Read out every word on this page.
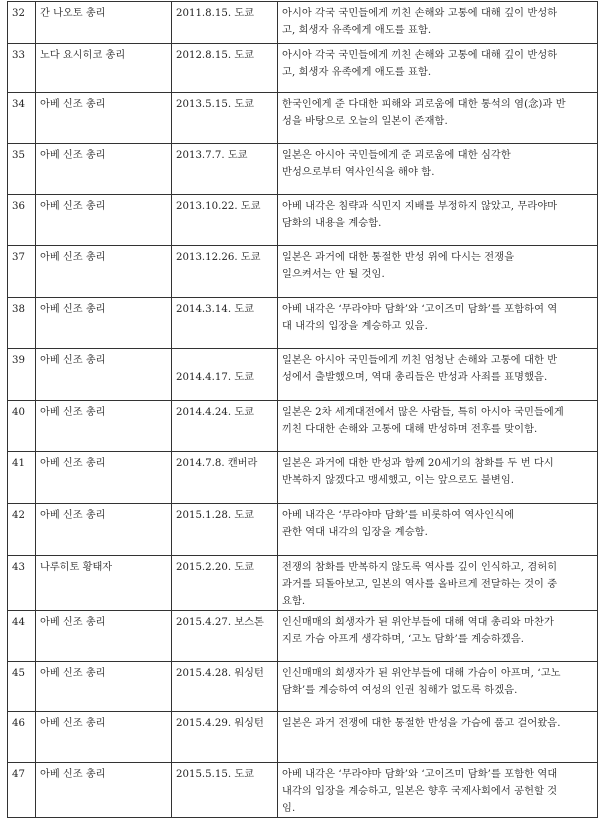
32	간 나오토 총리	2011.8.15. 도쿄	아시아 각국 국민들에게 끼친 손해와 고통에 대해 깊이 반성하
고, 희생자 유족에게 애도를 표함.

33	노다 요시히코 총리	2012.8.15. 도쿄	아시아 각국 국민들에게 끼친 손해와 고통에 대해 깊이 반성하
고, 희생자 유족에게 애도를 표함.

34	아베 신조 총리	2013.5.15. 도쿄	한국인에게 준 다대한 피해와 괴로움에 대한 통석의 염(念)과 반
성을 바탕으로 오늘의 일본이 존재함.

35	아베 신조 총리	2013.7.7. 도쿄	일본은 아시아 국민들에게 준 괴로움에 대한 심각한
반성으로부터 역사인식을 해야 함.

36	아베 신조 총리	2013.10.22. 도쿄	아베 내각은 침략과 식민지 지배를 부정하지 않았고, 무라야마
담화의 내용을 계승함.

37	아베 신조 총리	2013.12.26. 도쿄	일본은 과거에 대한 통절한 반성 위에 다시는 전쟁을
일으켜서는 안 될 것임.

38	아베 신조 총리	2014.3.14. 도쿄	아베 내각은 ‘무라야마 담화’와 ‘고이즈미 담화’를 포함하여 역
대 내각의 입장을 계승하고 있음.

39	아베 신조 총리	2014.4.17. 도쿄	일본은 아시아 국민들에게 끼친 엄청난 손해와 고통에 대한 반
성에서 출발했으며, 역대 총리들은 반성과 사죄를 표명했음.

40	아베 신조 총리	2014.4.24. 도쿄	일본은 2차 세계대전에서 많은 사람들, 특히 아시아 국민들에게
끼친 다대한 손해와 고통에 대해 반성하며 전후를 맞이함.

41	아베 신조 총리	2014.7.8. 캔버라	일본은 과거에 대한 반성과 함께 20세기의 참화를 두 번 다시
반복하지 않겠다고 맹세했고, 이는 앞으로도 불변임.

42	아베 신조 총리	2015.1.28. 도쿄	아베 내각은 ‘무라야마 담화’를 비롯하여 역사인식에
관한 역대 내각의 입장을 계승함.

43	나루히토 황태자	2015.2.20. 도쿄	전쟁의 참화를 반복하지 않도록 역사를 깊이 인식하고, 겸허히
과거를 되돌아보고, 일본의 역사를 올바르게 전달하는 것이 중
요함.

44	아베 신조 총리	2015.4.27. 보스톤	인신매매의 희생자가 된 위안부들에 대해 역대 총리와 마찬가
지로 가슴 아프게 생각하며, ‘고노 담화’를 계승하겠음.

45	아베 신조 총리	2015.4.28. 워싱턴	인신매매의 희생자가 된 위안부들에 대해 가슴이 아프며, ‘고노
담화’를 계승하여 여성의 인권 침해가 없도록 하겠음.

46	아베 신조 총리	2015.4.29. 워싱턴	일본은 과거 전쟁에 대한 통절한 반성을 가슴에 품고 걸어왔음.

47	아베 신조 총리	2015.5.15. 도쿄	아베 내각은 ‘무라야마 담화’와 ‘고이즈미 담화’를 포함한 역대
내각의 입장을 계승하고, 일본은 향후 국제사회에서 공헌할 것
임.
